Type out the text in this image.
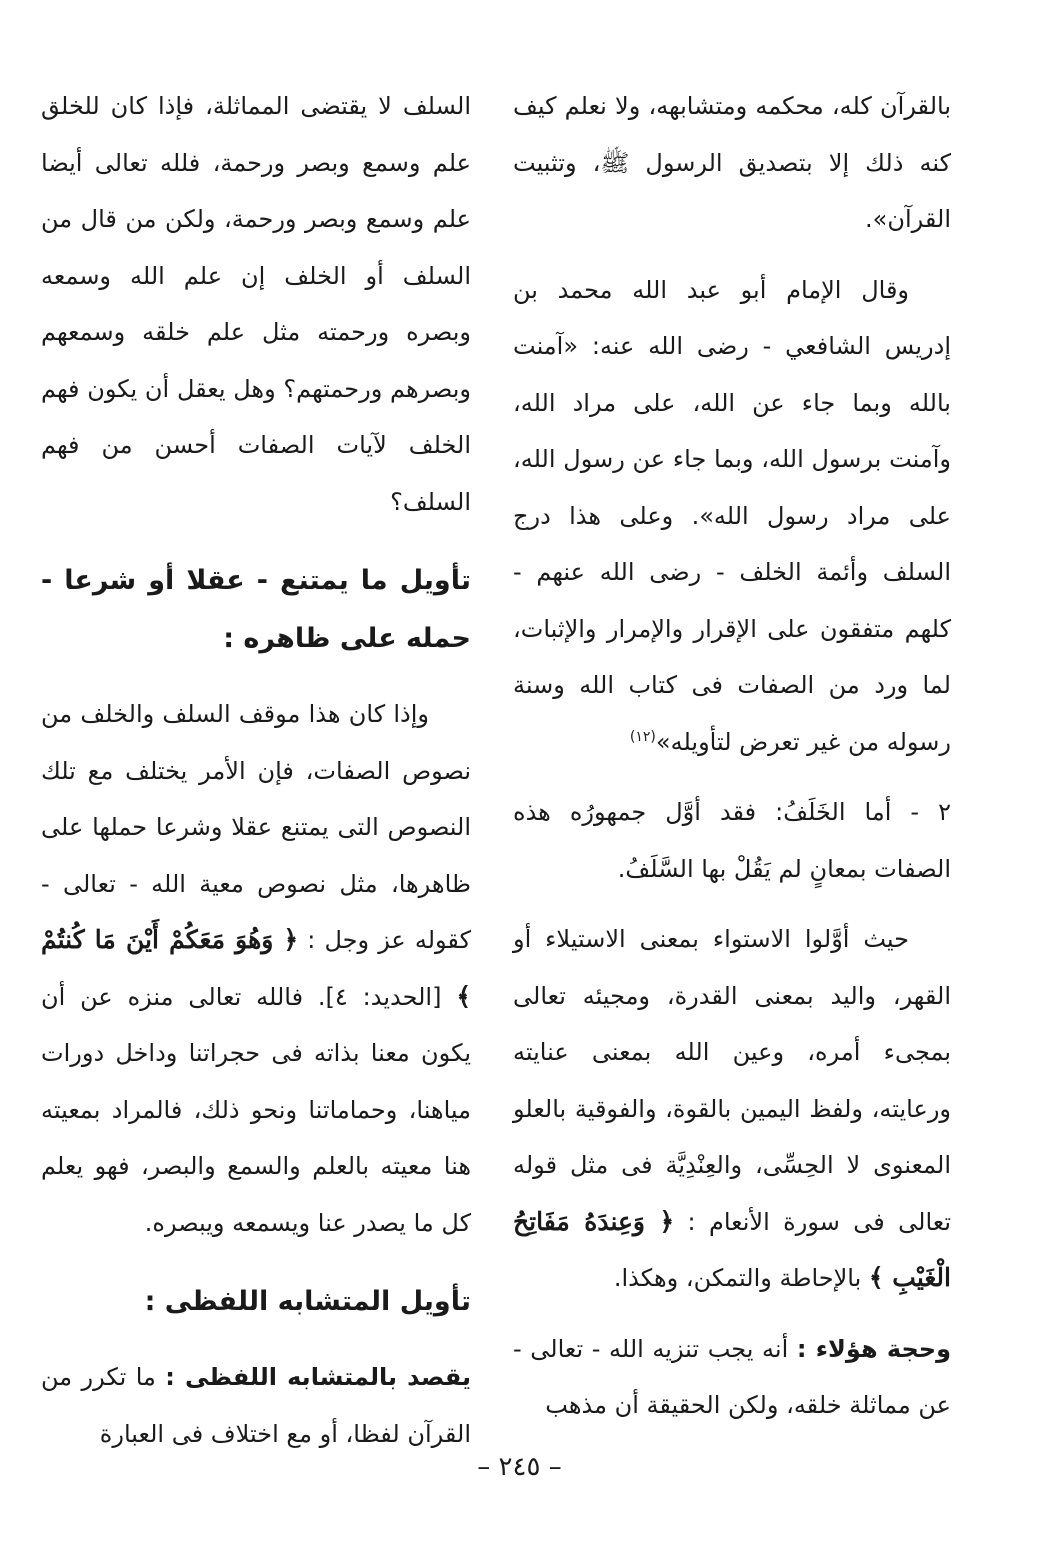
بالقرآن كله، محكمه ومتشابهه، ولا نعلم كيف كنه ذلك إلا بتصديق الرسول ﷺ، وتثبيت القرآن».

وقال الإمام أبو عبد الله محمد بن إدريس الشافعي - رضى الله عنه: «آمنت بالله وبما جاء عن الله، على مراد الله، وآمنت برسول الله، وبما جاء عن رسول الله، على مراد رسول الله». وعلى هذا درج السلف وأئمة الخلف - رضى الله عنهم - كلهم متفقون على الإقرار والإمرار والإثبات، لما ورد من الصفات فى كتاب الله وسنة رسوله من غير تعرض لتأويله»$^{(١٢)}$

٢ - أما الخَلَفُ: فقد أوَّل جمهورُه هذه الصفات بمعانٍ لم يَقُلْ بها السَّلَفُ.

حيث أوَّلوا الاستواء بمعنى الاستيلاء أو القهر، واليد بمعنى القدرة، ومجيئه تعالى بمجىء أمره، وعين الله بمعنى عنايته ورعايته، ولفظ اليمين بالقوة، والفوقية بالعلو المعنوى لا الحِسِّى، والعِنْدِيَّة فى مثل قوله تعالى فى سورة الأنعام : ﴿ وَعِندَهُ مَفَاتِحُ الْغَيْبِ ﴾ بالإحاطة والتمكن، وهكذا.

وحجة هؤلاء : أنه يجب تنزيه الله - تعالى - عن مماثلة خلقه، ولكن الحقيقة أن مذهب

السلف لا يقتضى المماثلة، فإذا كان للخلق علم وسمع وبصر ورحمة، فلله تعالى أيضا علم وسمع وبصر ورحمة، ولكن من قال من السلف أو الخلف إن علم الله وسمعه وبصره ورحمته مثل علم خلقه وسمعهم وبصرهم ورحمتهم؟ وهل يعقل أن يكون فهم الخلف لآيات الصفات أحسن من فهم السلف؟

تأويل ما يمتنع - عقلا أو شرعا - حمله على ظاهره :

وإذا كان هذا موقف السلف والخلف من نصوص الصفات، فإن الأمر يختلف مع تلك النصوص التى يمتنع عقلا وشرعا حملها على ظاهرها، مثل نصوص معية الله - تعالى - كقوله عز وجل : ﴿ وَهُوَ مَعَكُمْ أَيْنَ مَا كُنتُمْ ﴾ [الحديد: ٤]. فالله تعالى منزه عن أن يكون معنا بذاته فى حجراتنا وداخل دورات مياهنا، وحماماتنا ونحو ذلك، فالمراد بمعيته هنا معيته بالعلم والسمع والبصر، فهو يعلم كل ما يصدر عنا ويسمعه ويبصره.

تأويل المتشابه اللفظى :

يقصد بالمتشابه اللفظى : ما تكرر من القرآن لفظا، أو مع اختلاف فى العبارة

– ٢٤٥ –
